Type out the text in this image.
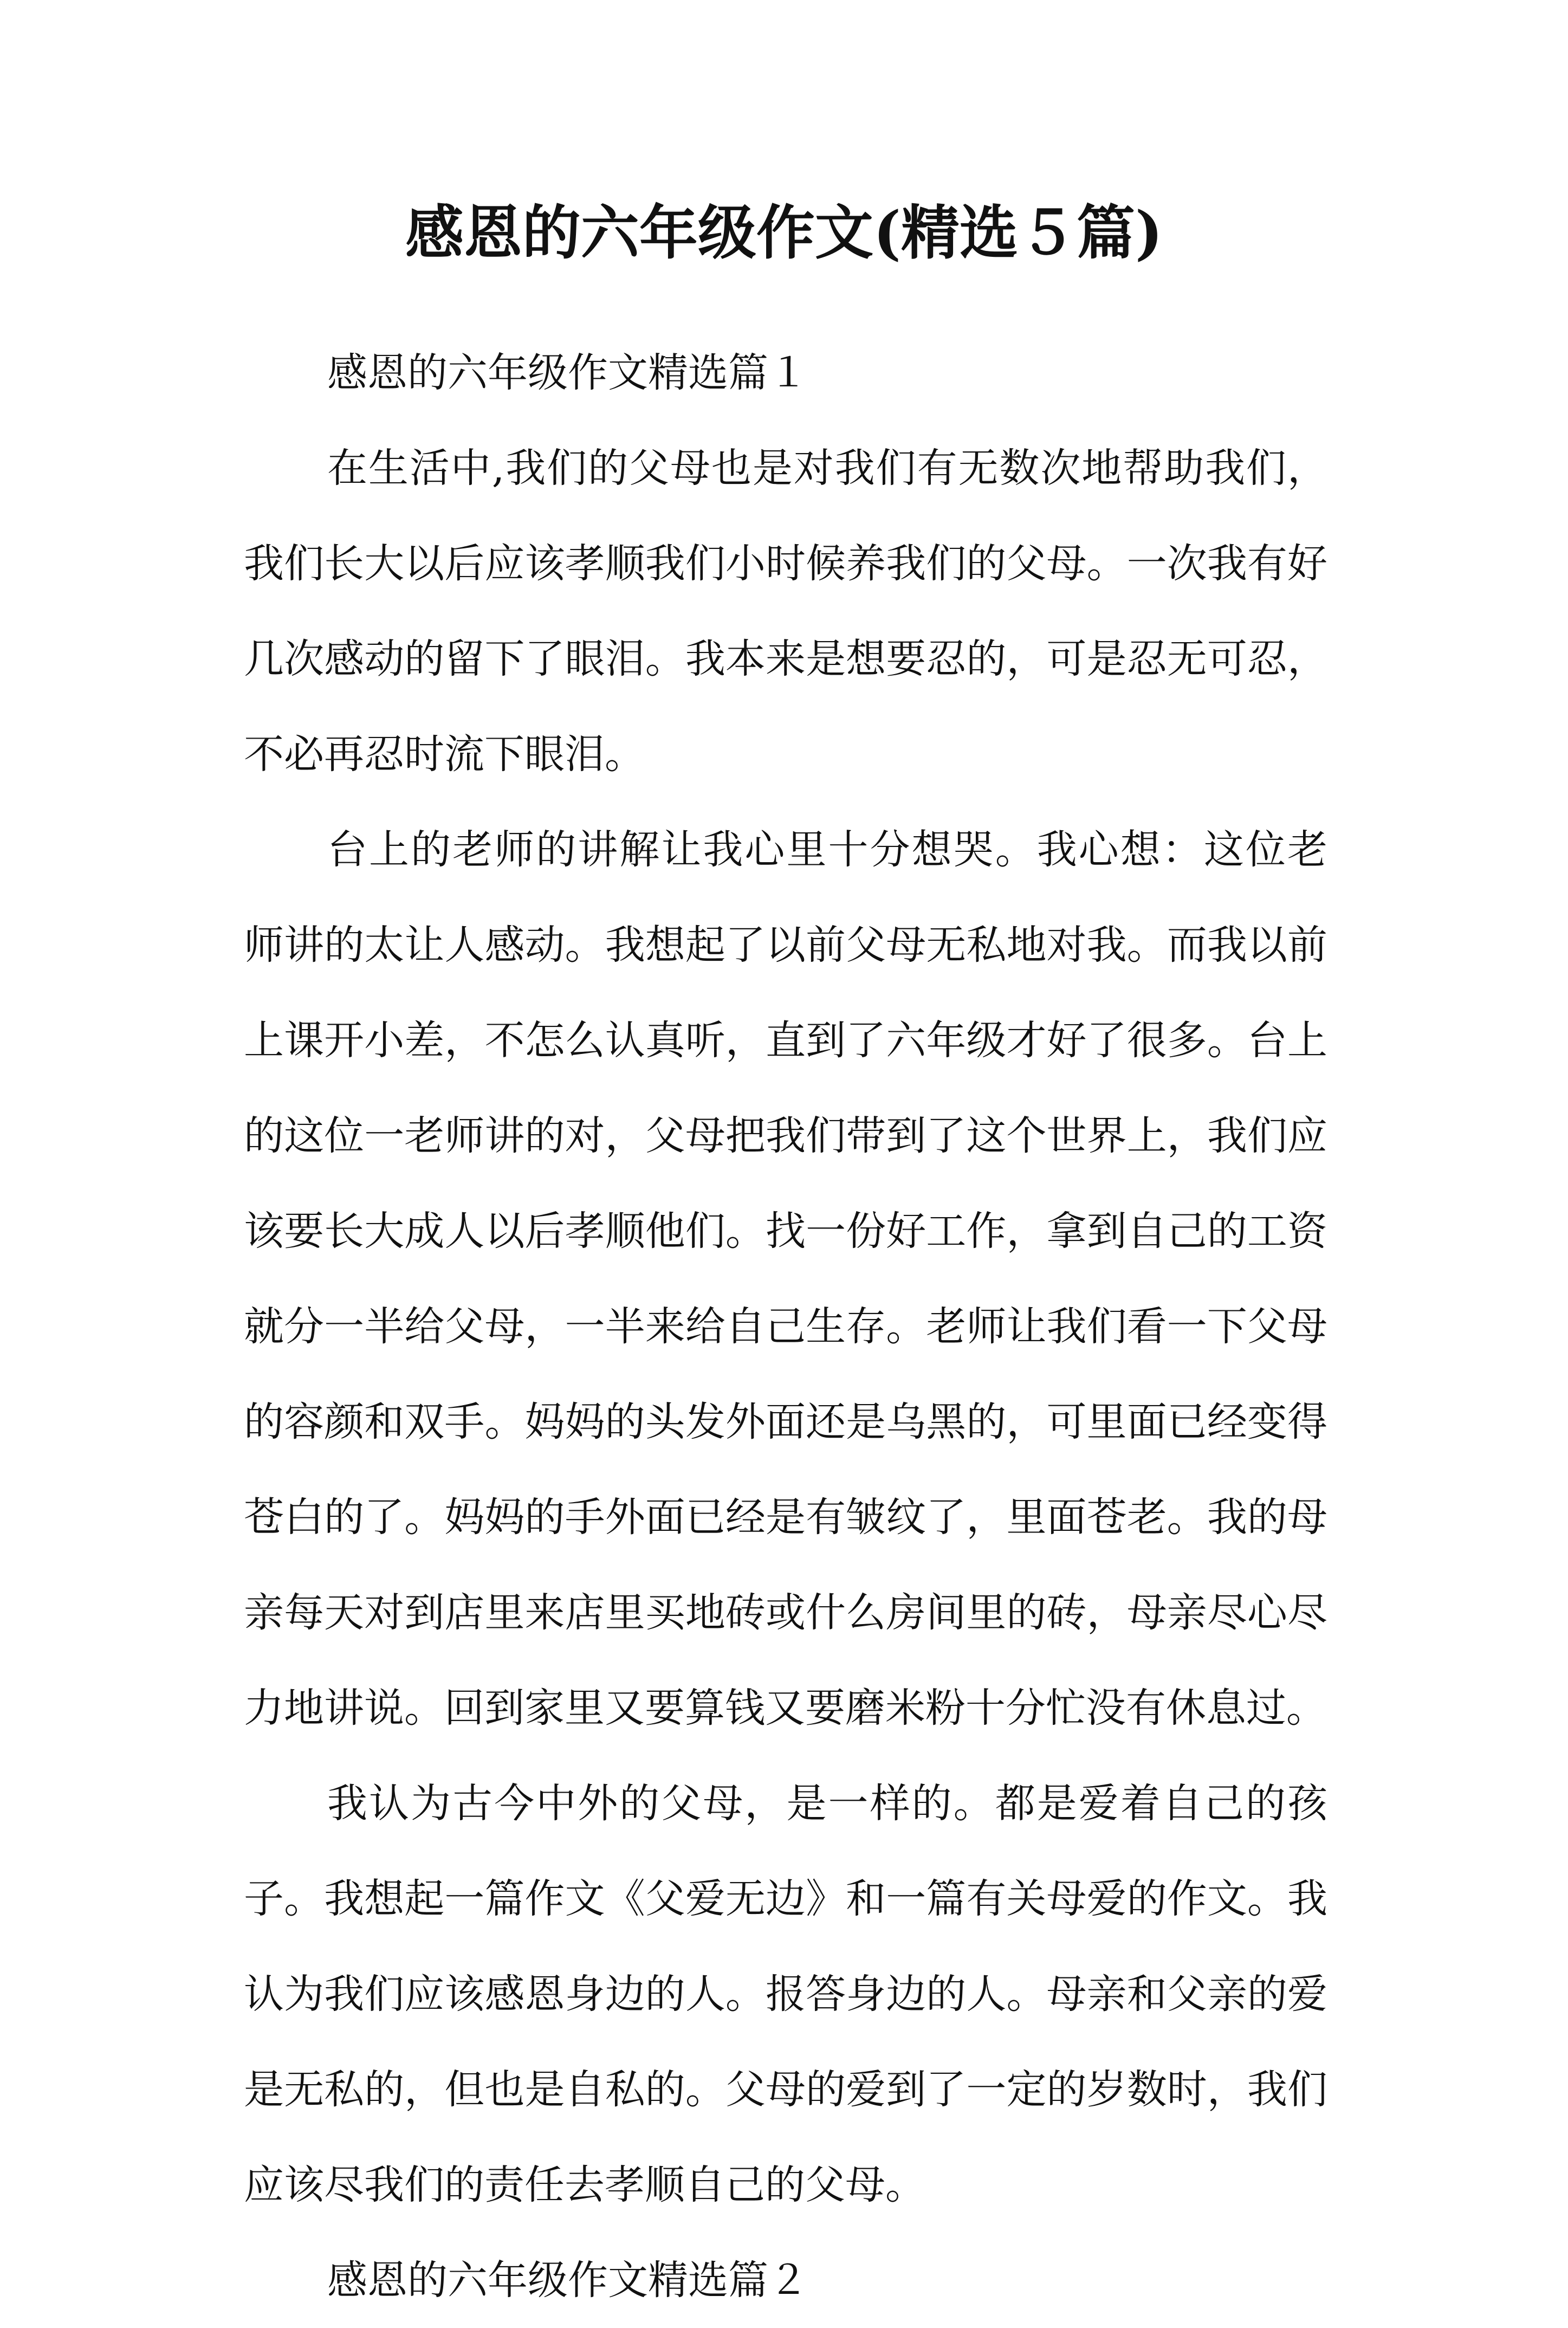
感恩的六年级作文(精选５篇)

感恩的六年级作文精选篇１

在生活中,我们的父母也是对我们有无数次地帮助我们，我们长大以后应该孝顺我们小时候养我们的父母。一次我有好几次感动的留下了眼泪。我本来是想要忍的，可是忍无可忍，不必再忍时流下眼泪。

台上的老师的讲解让我心里十分想哭。我心想：这位老师讲的太让人感动。我想起了以前父母无私地对我。而我以前上课开小差，不怎么认真听，直到了六年级才好了很多。台上的这位一老师讲的对，父母把我们带到了这个世界上，我们应该要长大成人以后孝顺他们。找一份好工作，拿到自己的工资就分一半给父母，一半来给自己生存。老师让我们看一下父母的容颜和双手。妈妈的头发外面还是乌黑的，可里面已经变得苍白的了。妈妈的手外面已经是有皱纹了，里面苍老。我的母亲每天对到店里来店里买地砖或什么房间里的砖，母亲尽心尽力地讲说。回到家里又要算钱又要磨米粉十分忙没有休息过。

我认为古今中外的父母，是一样的。都是爱着自己的孩子。我想起一篇作文《父爱无边》和一篇有关母爱的作文。我认为我们应该感恩身边的人。报答身边的人。母亲和父亲的爱是无私的，但也是自私的。父母的爱到了一定的岁数时，我们应该尽我们的责任去孝顺自己的父母。

感恩的六年级作文精选篇２
